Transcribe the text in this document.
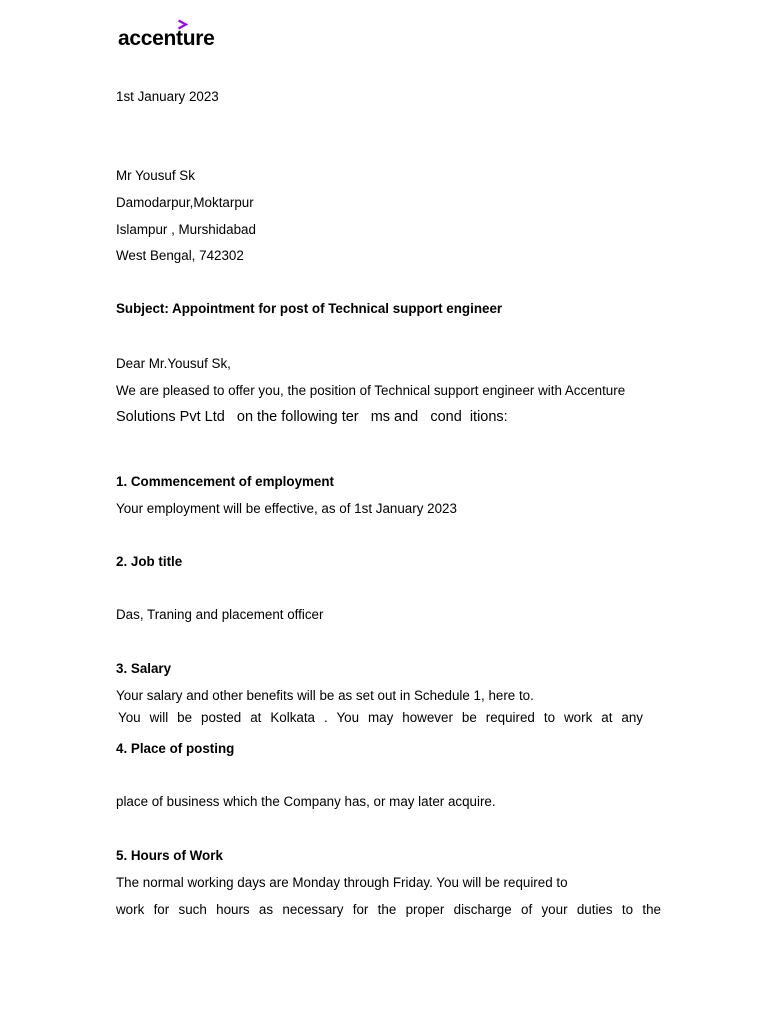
accenture
1st January 2023
Mr Yousuf Sk
Damodarpur,Moktarpur
Islampur , Murshidabad
West Bengal, 742302
Subject: Appointment for post of Technical support engineer
Dear Mr.Yousuf Sk,
We are pleased to offer you, the position of Technical support engineer with Accenture
Solutions Pvt Ltd   on the following ter   ms and   cond  itions:
1. Commencement of employment
Your employment will be effective, as of 1st January 2023
2. Job title
Das, Traning and placement officer
3. Salary
Your salary and other benefits will be as set out in Schedule 1, here to.
You will be posted at Kolkata . You may however be required to work at any
4. Place of posting
place of business which the Company has, or may later acquire.
5. Hours of Work
The normal working days are Monday through Friday. You will be required to
work for such hours as necessary for the proper discharge of your duties to the
